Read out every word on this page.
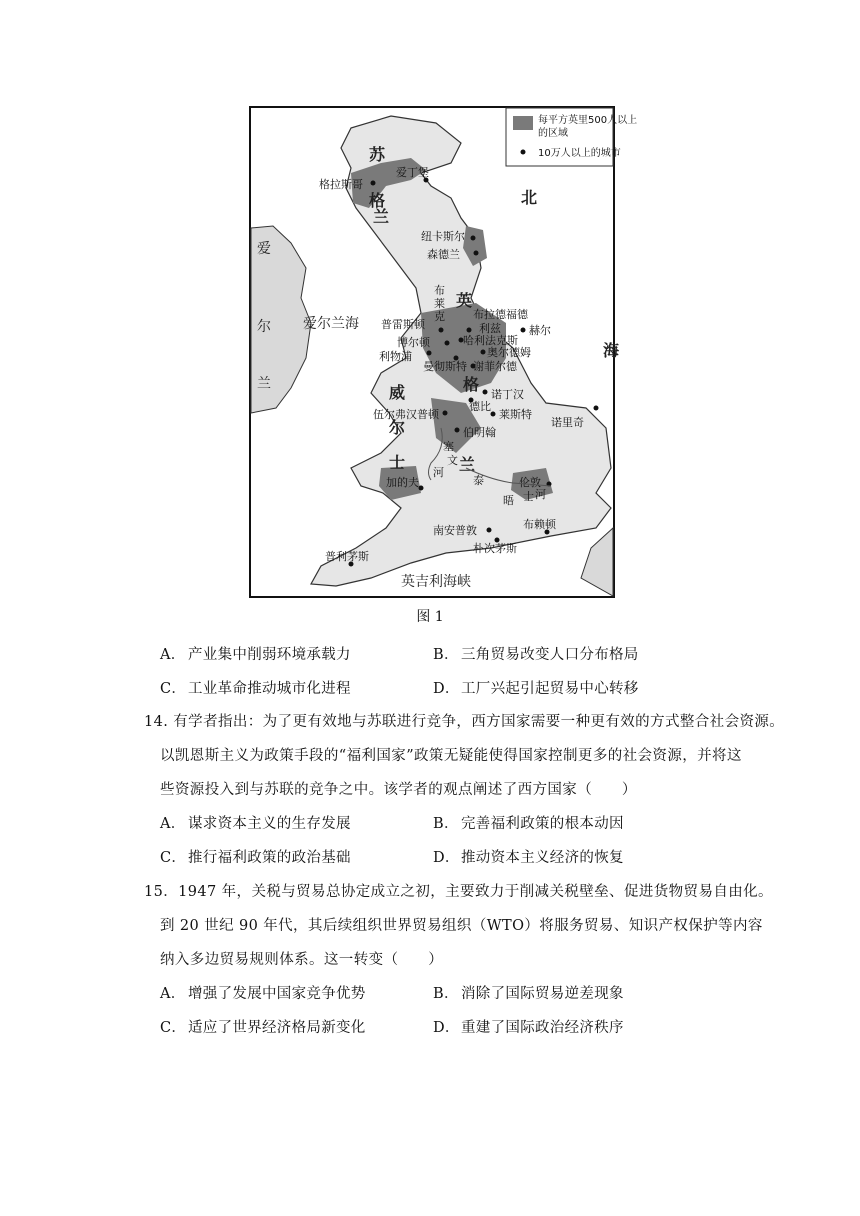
每平方英里500人以上
的区域
10万人以上的城市
苏
格
兰
英
格
兰
威
尔
士
爱
尔
兰
北
海
爱尔兰海
英吉利海峡
格拉斯哥
爱丁堡
纽卡斯尔
森德兰
布
莱
克
普雷斯顿
布拉德福德
利兹	赫尔
博尔顿	哈利法克斯
利物浦
曼彻斯特
奥尔德姆
谢菲尔德
诺丁汉
德比
伍尔弗汉普顿	莱斯特
伯明翰
诺里奇
加的夫	伦敦
南安普敦	布赖顿
朴次茅斯
普利茅斯
塞
文
河
泰
晤 士 河
图 1
A． 产业集中削弱环境承载力	B． 三角贸易改变人口分布格局
C． 工业革命推动城市化进程	D．工厂兴起引起贸易中心转移
14. 有学者指出：为了更有效地与苏联进行竞争，西方国家需要一种更有效的方式整合社会资源。
以凯恩斯主义为政策手段的“福利国家”政策无疑能使得国家控制更多的社会资源，并将这
些资源投入到与苏联的竞争之中。该学者的观点阐述了西方国家（　　）
A． 谋求资本主义的生存发展	B． 完善福利政策的根本动因
C． 推行福利政策的政治基础	D．推动资本主义经济的恢复
15．1947 年，关税与贸易总协定成立之初，主要致力于削减关税壁垒、促进货物贸易自由化。
到 20 世纪 90 年代，其后续组织世界贸易组织（WTO）将服务贸易、知识产权保护等内容
纳入多边贸易规则体系。这一转变（　　）
A． 增强了发展中国家竞争优势	B． 消除了国际贸易逆差现象
C． 适应了世界经济格局新变化	D．重建了国际政治经济秩序
